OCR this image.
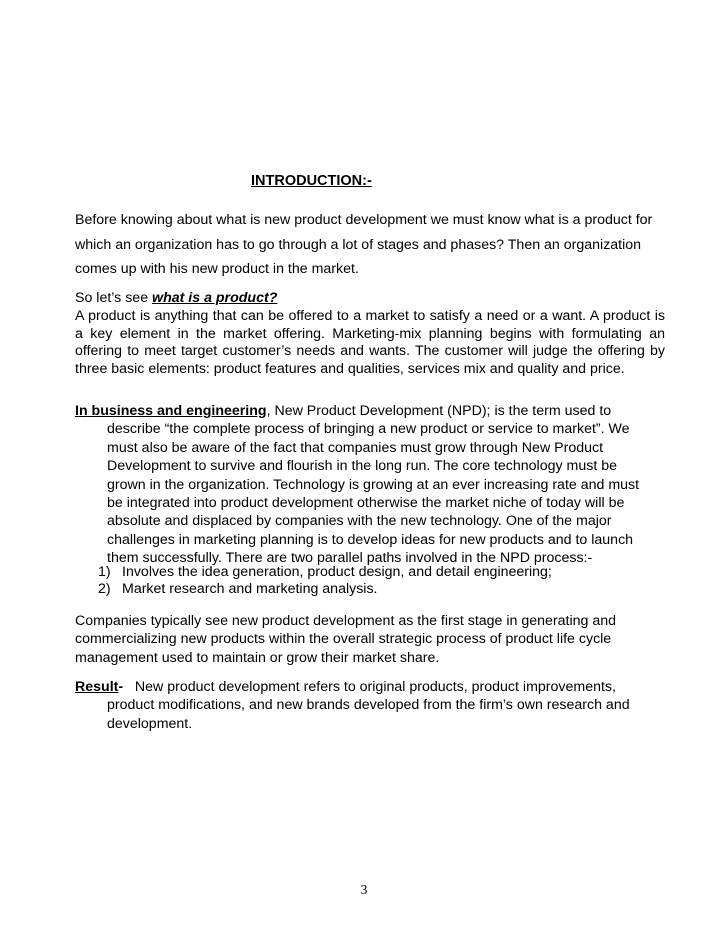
INTRODUCTION:-

Before knowing about what is new product development we must know what is a product for
which an organization has to go through a lot of stages and phases? Then an organization
comes up with his new product in the market.

So let’s see what is a product?
A product is anything that can be offered to a market to satisfy a need or a want. A product is a key element in the market offering. Marketing-mix planning begins with formulating an offering to meet target customer’s needs and wants. The customer will judge the offering by three basic elements: product features and qualities, services mix and quality and price.

In business and engineering, New Product Development (NPD); is the term used to
describe “the complete process of bringing a new product or service to market”. We
must also be aware of the fact that companies must grow through New Product
Development to survive and flourish in the long run. The core technology must be
grown in the organization. Technology is growing at an ever increasing rate and must
be integrated into product development otherwise the market niche of today will be
absolute and displaced by companies with the new technology. One of the major
challenges in marketing planning is to develop ideas for new products and to launch
them successfully. There are two parallel paths involved in the NPD process:-

1) Involves the idea generation, product design, and detail engineering;
2) Market research and marketing analysis.

Companies typically see new product development as the first stage in generating and
commercializing new products within the overall strategic process of product life cycle
management used to maintain or grow their market share.

Result-   New product development refers to original products, product improvements,
product modifications, and new brands developed from the firm’s own research and
development.

3
